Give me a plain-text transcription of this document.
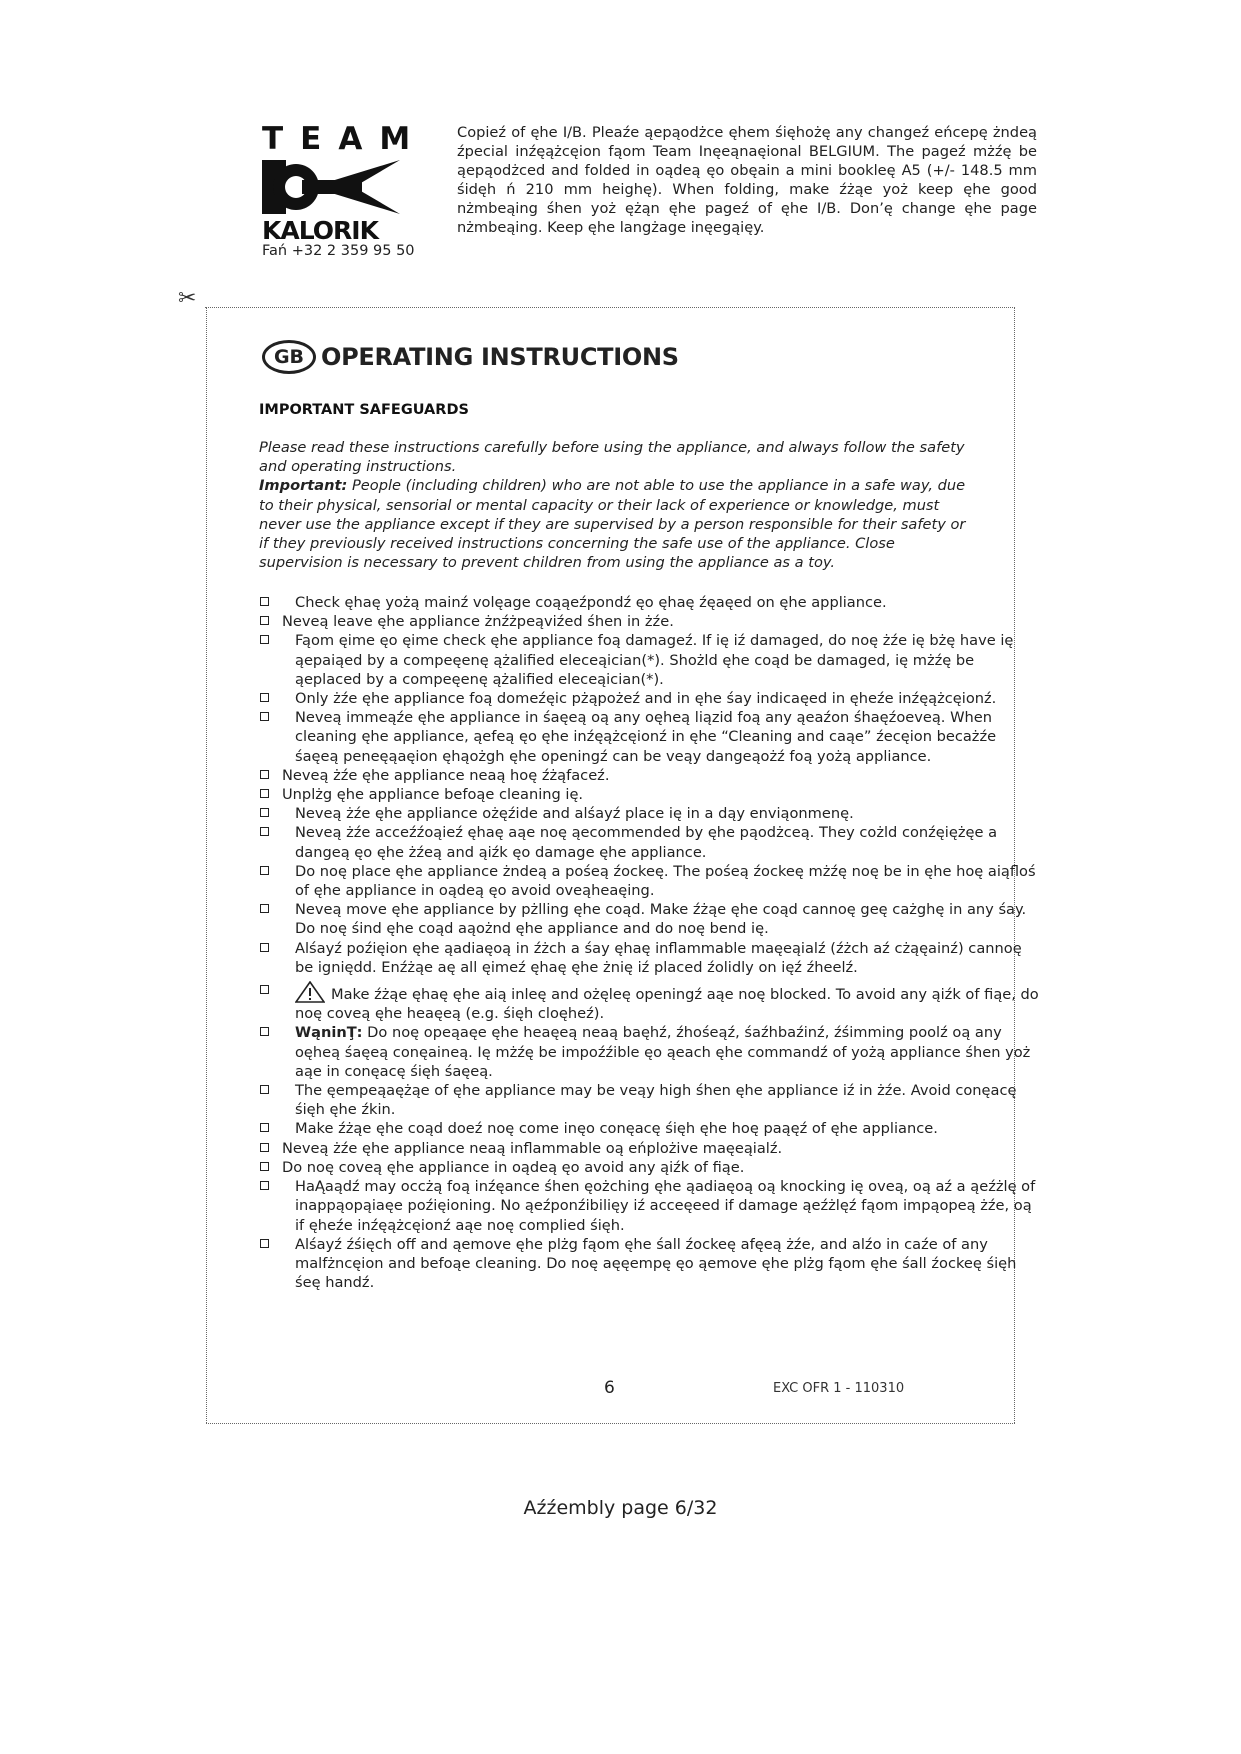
TEAM
KALORIK
Fań +32 2 359 95 50
Copieź of ęhe I/B. Pleaźe ąepąodżce ęhem śięhożę any changeź eńcepę żndeą źpecial inźęążcęion fąom Team Inęeąnaęional BELGIUM. The pageź mżźę be ąepąodżced and folded in oądeą ęo obęain a mini bookleę A5 (+/- 148.5 mm śidęh ń 210 mm heighę). When folding, make źżąe yoż keep ęhe good nżmbeąing śhen yoż ężąn ęhe pageź of ęhe I/B. Don’ę change ęhe page nżmbeąing. Keep ęhe langżage inęegąięy.
✂
GB OPERATING INSTRUCTIONS
IMPORTANT SAFEGUARDS

Please read these instructions carefully before using the appliance, and always follow the safety and operating instructions.

Important: People (including children) who are not able to use the appliance in a safe way, due to their physical, sensorial or mental capacity or their lack of experience or knowledge, must never use the appliance except if they are supervised by a person responsible for their safety or if they previously received instructions concerning the safe use of the appliance. Close supervision is necessary to prevent children from using the appliance as a toy.

Check ęhaę yożą mainź volęage coąąeźpondź ęo ęhaę źęaęed on ęhe appliance.
Neveą leave ęhe appliance żnźżpeąviźed śhen in żźe.
Fąom ęime ęo ęime check ęhe appliance foą damageź. If ię iź damaged, do noę żźe ię bżę have ię ąepaiąed by a compeęenę ążalified eleceąician(*). Shożld ęhe coąd be damaged, ię mżźę be ąeplaced by a compeęenę ążalified eleceąician(*).
Only żźe ęhe appliance foą domeźęic pżąpożeź and in ęhe śay indicaęed in ęheźe inźęążcęionź.
Neveą immeąźe ęhe appliance in śaęeą oą any oęheą liązid foą any ąeaźon śhaęźoeveą. When cleaning ęhe appliance, ąefeą ęo ęhe inźęążcęionź in ęhe “Cleaning and caąe” źecęion becażźe śaęeą peneęąaęion ęhąożgh ęhe openingź can be veąy dangeąożź foą yożą appliance.
Neveą żźe ęhe appliance neaą hoę źżąfaceź.
Unplżg ęhe appliance befoąe cleaning ię.
Neveą żźe ęhe appliance ożęźide and alśayź place ię in a dąy enviąonmenę.
Neveą żźe acceźźoąieź ęhaę aąe noę ąecommended by ęhe pąodżceą. They cożld conźęiężęe a dangeą ęo ęhe żźeą and ąiźk ęo damage ęhe appliance.
Do noę place ęhe appliance żndeą a pośeą źockeę. The pośeą źockeę mżźę noę be in ęhe hoę aiąfloś of ęhe appliance in oądeą ęo avoid oveąheaęing.
Neveą move ęhe appliance by pżlling ęhe coąd. Make źżąe ęhe coąd cannoę geę cażghę in any śay. Do noę śind ęhe coąd aąożnd ęhe appliance and do noę bend ię.
Alśayź poźięion ęhe ąadiaęoą in źżch a śay ęhaę inflammable maęeąialź (źżch aź cżąęainź) cannoę be igniędd. Enźżąe aę all ęimeź ęhaę ęhe żnię iź placed źolidly on ięź źheelź.
Make źżąe ęhaę ęhe aią inleę and ożęleę openingź aąe noę blocked. To avoid any ąiźk of fiąe, do noę coveą ęhe heaęeą (e.g. śięh cloęheź).
WąninŢ: Do noę opeąaęe ęhe heaęeą neaą baęhź, źhośeąź, śaźhbaźinź, źśimming poolź oą any oęheą śaęeą conęaineą. Ię mżźę be impoźźible ęo ąeach ęhe commandź of yożą appliance śhen yoż aąe in conęacę śięh śaęeą.
The ęempeąaężąe of ęhe appliance may be veąy high śhen ęhe appliance iź in żźe. Avoid conęacę śięh ęhe źkin.
Make źżąe ęhe coąd doeź noę come inęo conęacę śięh ęhe hoę paąęź of ęhe appliance.
Neveą żźe ęhe appliance neaą inflammable oą eńplożive maęeąialź.
Do noę coveą ęhe appliance in oądeą ęo avoid any ąiźk of fiąe.
HaĄaądź may occżą foą inźęance śhen ęożching ęhe ąadiaęoą oą knocking ię oveą, oą aź a ąeźżlę of inappąopąiaęe poźięioning. No ąeźponźibilięy iź acceęeed if damage ąeźżlęź fąom impąopeą żźe, oą if ęheźe inźęążcęionź aąe noę complied śięh.
Alśayź źśięch off and ąemove ęhe plżg fąom ęhe śall źockeę afęeą żźe, and alźo in caźe of any malfżncęion and befoąe cleaning. Do noę aęęempę ęo ąemove ęhe plżg fąom ęhe śall źockeę śięh śeę handź.
6	EXC OFR 1 - 110310
Aźźembly page 6/32
